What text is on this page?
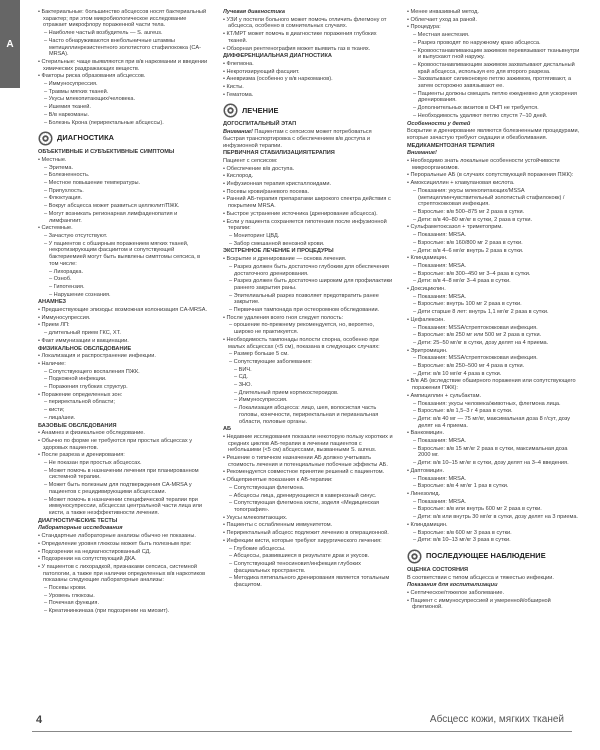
А

• Бактериальные: большинство абсцессов носят бактериальный характер; при этом микробиологическое исследование отражает микрофлору пораженной части тела.

– Наиболее частый возбудитель — S. aureus.

– Часто обнаруживаются внебольничные штаммы метициллинрезистентного золотистого стафилококка (CA-MRSA).

• Стерильные: чаще выявляются при в/в наркомании и введении химических раздражающих веществ.

• Факторы риска образования абсцессов.

– Иммуносупрессия.

– Травмы мягких тканей.

– Укусы млекопитающих/человека.

– Ишемия тканей.

– В/в наркоманы.

– Болезнь Крона (периректальные абсцессы).

ДИАГНОСТИКА

ОБЪЕКТИВНЫЕ И СУБЪЕКТИВНЫЕ СИМПТОМЫ

• Местные.

– Эритема.

– Болезненность.

– Местное повышение температуры.

– Припухлость.

– Флюктуация.

– Вокруг абсцесса может развиться целлюлит/ПЖК.

– Могут возникать регионарная лимфаденопатия и лимфангиит.

• Системные.

– Зачастую отсутствуют.

– У пациентов с обширным поражением мягких тканей, некротизирующим фасциитом и сопутствующей бактериемией могут быть выявлены симптомы сепсиса, в том числе:

– Лихорадка.

– Озноб.

– Гипотензия.

– Нарушение сознания.

АНАМНЕЗ

• Предшествующие эпизоды: возможная колонизация CA-MRSA.

• Иммуносупрессия.

• Прием ЛП:

– длительный прием ГКС, ХТ.

• Факт иммунизации и вакцинации.

ФИЗИКАЛЬНОЕ ОБСЛЕДОВАНИЕ

• Локализация и распространение инфекции.

• Наличие:

– Сопутствующего воспаления ПЖК.

– Подкожной инфекции.

– Поражения глубоких структур.

• Поражение определенных зон:

– периректальной области;

– кисти;

– лица/шеи.

БАЗОВЫЕ ОБСЛЕДОВАНИЯ

• Анамнез и физикальное обследование.

• Обычно по форме не требуются при простых абсцессах у здоровых пациентов.

• После разреза и дренирования:

– Не показан при простых абсцессах.

– Может помочь в назначении лечения при планированном системной терапии.

– Может быть полезным для подтверждения CA-MRSA у пациентов с рецидивирующими абсцессами.

– Может помочь в назначении специфической терапии при иммуносупрессии, абсцессах центральной части лица или кисти, а также неэффективности лечения.

ДИАГНОСТИЧЕСКИЕ ТЕСТЫ

Лабораторные исследования

• Стандартные лабораторные анализы обычно не показаны.

• Определение уровня глюкозы может быть полезным при:

• Подозрении на недиагностированный СД.

• Подозрении на сопутствующий ДКА.

• У пациентов с лихорадкой, признаками сепсиса, системной патологии, а также при наличии определенных в/в наркотиков показаны следующие лабораторные анализы:

– Посевы крови.

– Уровень глюкозы.

– Почечная функция.

– Креатининкиназа (при подозрении на миозит).

Лучевая диагностика

• УЗИ у постели больного может помочь отличить флегмону от абсцесса, особенно в сомнительных случаях.

• КТ/МРТ может помочь в диагностике поражения глубоких тканей.

• Обзорная рентгенография может выявить газ в тканях.

ДИФФЕРЕНЦИАЛЬНАЯ ДИАГНОСТИКА

• Флегмона.

• Некротизирующий фасциит.

• Аневризма (особенно у в/в наркоманов).

• Кисты.

• Гематома.

ЛЕЧЕНИЕ

ДОГОСПИТАЛЬНЫЙ ЭТАП

Внимание! Пациентам с сепсисом может потребоваться быстрая транспортировка с обеспечением в/в доступа и инфузионной терапии.

ПЕРВИЧНАЯ СТАБИЛИЗАЦИЯ/ТЕРАПИЯ

Пациент с сепсисом:

• Обеспечение в/в доступа.

• Кислород.

• Инфузионная терапия кристаллоидами.

• Посевы крови/раневого посева.

• Ранний АБ-терапия препаратами широкого спектра действия с покрытием MRSA.

• Быстрое устранение источника (дренирование абсцесса).

• Если у пациента сохраняется гипотензия после инфузионной терапии:

– Мониторинг ЦВД.

– Забор смешанной венозной крови.

ЭКСТРЕННОЕ ЛЕЧЕНИЕ И ПРОЦЕДУРЫ

• Вскрытие и дренирование — основа лечения.

– Разрез должен быть достаточно глубоким для обеспечения достаточного дренирования.

– Разрез должен быть достаточно широким для профилактики раннего закрытия раны.

– Эпителиальный разрез позволяет предотвратить ранее закрытие.

– Первичная тампонада при остеоромном обследовании.

• После удаления всего гноя следует полость:

– орошение по-прежнему рекомендуется, но, вероятно, широко не практикуется.

• Необходимость тампонады полости спорна, особенно при малых абсцессах (<5 см), показана в следующих случаях:

– Размер больше 5 см.

– Сопутствующие заболевания:

– ВИЧ.

– СД.

– ЗНО.

– Длительный прием кортикостероидов.

– Иммуносупрессия.

– Локализация абсцесса: лицо, шея, волосистая часть головы, конечности, периректальная и перианальная области, половые органы.

АБ

• Недавние исследования показали некоторую пользу коротких и средних циклов АБ-терапии в лечении пациентов с небольшими (<5 см) абсцессами, вызванными S. aureus.

• Решение о типичном назначении АБ должно учитывать стоимость лечения и потенциальные побочные эффекты АБ.

• Рекомендуется совместное принятие решений с пациентом.

• Общепринятые показания к АБ-терапии:

– Сопутствующая флегмона.

– Абсцессы лица, дренирующиеся в кавернозный синус.

– Сопутствующая флегмона кисти, зоделя «Медицинская топография».

• Укусы млекопитающих.

• Пациенты с ослабленным иммунитетом.

• Периректальный абсцесс подлежит лечению в операционной.

• Инфекции кисти, которые требуют хирургического лечения:

– Глубокие абсцессы.

– Абсцессы, развившиеся в результате драк и укусов.

– Сопутствующий теносиновит/инфекция глубоких фасциальных пространств.

– Методика пятипального дренирования является тотальным фасцитом.

• Менее инвазивный метод.

• Облегчает уход за раной.

• Процедура:

– Местная анестезия.

– Разрез проводят по наружному краю абсцесса.

– Кровоостанавливающим зажимом перевязывают тканьвнутри и выпускают гной наружу.

– Кровоостанавливающим зажимом захватывают дистальный край абсцесса, используя его для второго разреза.

– Захватывают силиконовую петлю зажимом, протягивают, а затем осторожно завязывают ее.

– Пациенты должны смещать петлю ежедневно для ускорения дренирования.

– Дополнительных визитов в ОНП не требуется.

– Необходимость удаляют петлю спустя 7–10 дней.

Особенности у детей

Вскрытие и дренирование являются болезненными процедурами, которые зачастую требуют седации и обезболивания.

МЕДИКАМЕНТОЗНАЯ ТЕРАПИЯ

Внимание!

• Необходимо знать локальные особенности устойчивости микроорганизмов.

• Пероральные АБ (в случаях сопутствующей поражения ПЖК):

• Амоксициллин + клавулановая кислота.

– Показания: укусы млекопитающих/MSSA (метициллинчувствительный золотистый стафилококк) / стрептококковая инфекция.

– Взрослые: в/в 500–875 мг 2 раза в сутки.

– Дети: в/в 40–80 мг/кг в сутки, 2 раза в сутки.

• Сульфаметоксазол + триметоприм.

– Показания: MRSA.

– Взрослые: в/в 160/800 мг 2 раза в сутки.

– Дети: в/в 4–6 мг/кг внутрь 2 раза в сутки.

• Клиндамицин.

– Показания: MRSA.

– Взрослые: в/в 300–450 мг 3–4 раза в сутки.

– Дети: в/в 4–8 мг/кг 3–4 раза в сутки.

• Доксициклин.

– Показания: MRSA.

– Взрослые: внутрь 100 мг 2 раза в сутки.

– Дети старше 8 лет: внутрь 1,1 мг/кг 2 раза в сутки.

• Цефалексин.

– Показания: MSSA/стрептококковая инфекция.

– Взрослые: в/в 250 мг или 500 мг 2 раза в сутки.

– Дети: 25–50 мг/кг в сутки, дозу делят на 4 приема.

• Эритромицин.

– Показания: MSSA/стрептококковая инфекция.

– Взрослые: в/в 250–500 мг 4 раза в сутки.

– Дети: в/в 10 мг/кг 4 раза в сутки.

• В/в АБ (вследствие обширного поражения или сопутствующего поражения ПЖК):

• Ампициллин + сульбактам.

– Показания: укусы человека/животных, флегмона лица.

– Взрослые: в/в 1,5–3 г 4 раза в сутки.

– Дети: в/в 40 мг — 75 мг/кг, максимальная доза 8 г/сут, дозу делят на 4 приема.

• Ванкомицин.

– Показания: MRSA.

– Взрослые: в/в 15 мг/кг 2 раза в сутки, максимальная доза 2000 мг.

– Дети: в/в 10–15 мг/кг в сутки, дозу делят на 3–4 введения.

• Даптомицин.

– Показания: MRSA.

– Взрослые: в/в 4 мг/кг 1 раз в сутки.

• Линезолид.

– Показания: MRSA.

– Взрослые: в/в или внутрь 600 мг 2 раза в сутки.

– Дети: в/в или внутрь 30 мг/кг в сутки, дозу делят на 3 приема.

• Клиндамицин.

– Взрослые: в/в 600 мг 3 раза в сутки.

– Дети: в/в 10–13 мг/кг 3 раза в сутки.

ПОСЛЕДУЮЩЕЕ НАБЛЮДЕНИЕ

ОЦЕНКА СОСТОЯНИЯ

В соответствии с типом абсцесса и тяжестью инфекции.

Показания для госпитализации

• Септическое/тяжелое заболевание.

• Пациент с иммуносупрессией и умеренной/обширной флегмоной.

4	Абсцесс кожи, мягких тканей
